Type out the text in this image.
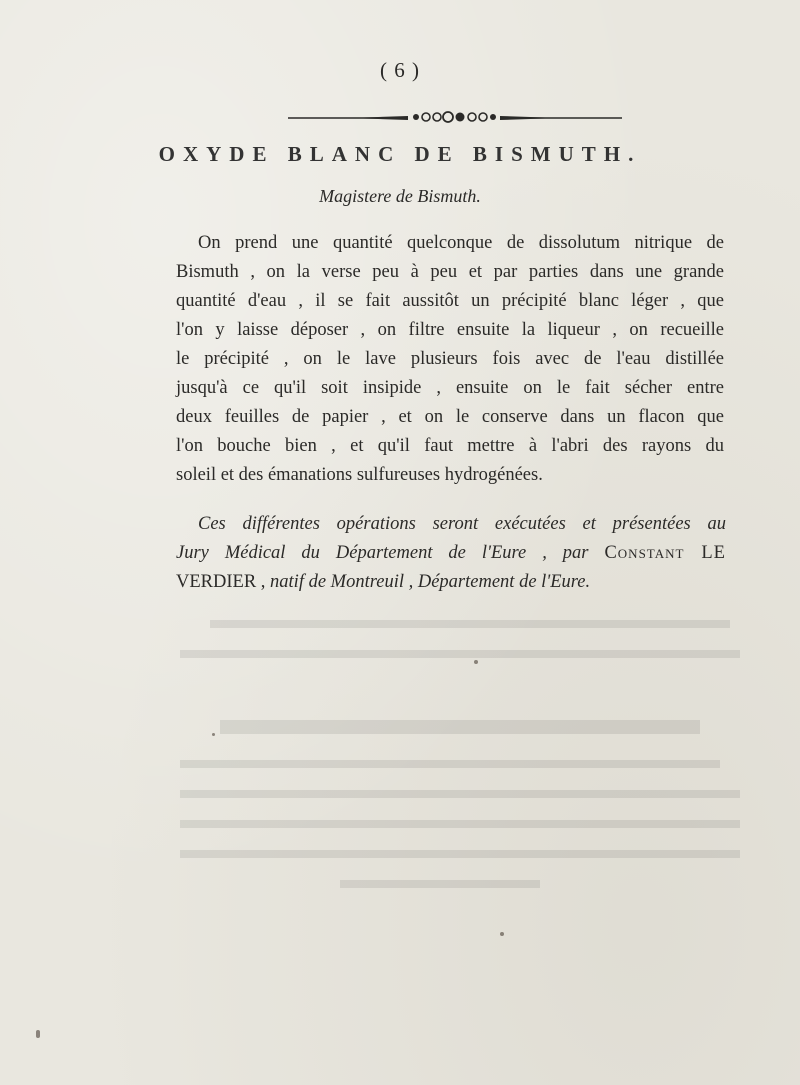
( 6 )
OXYDE BLANC DE BISMUTH.
Magistere de Bismuth.
On prend une quantité quelconque de dissolutum nitrique de
Bismuth , on la verse peu à peu et par parties dans une grande
quantité d'eau , il se fait aussitôt un précipité blanc léger , que
l'on y laisse déposer , on filtre ensuite la liqueur , on recueille
le précipité , on le lave plusieurs fois avec de l'eau distillée
jusqu'à ce qu'il soit insipide , ensuite on le fait sécher entre
deux feuilles de papier , et on le conserve dans un flacon que
l'on bouche bien , et qu'il faut mettre à l'abri des rayons du
soleil et des émanations sulfureuses hydrogénées.
Ces différentes opérations seront exécutées et présentées au
Jury Médical du Département de l'Eure , par Constant LE
VERDIER , natif de Montreuil , Département de l'Eure.
